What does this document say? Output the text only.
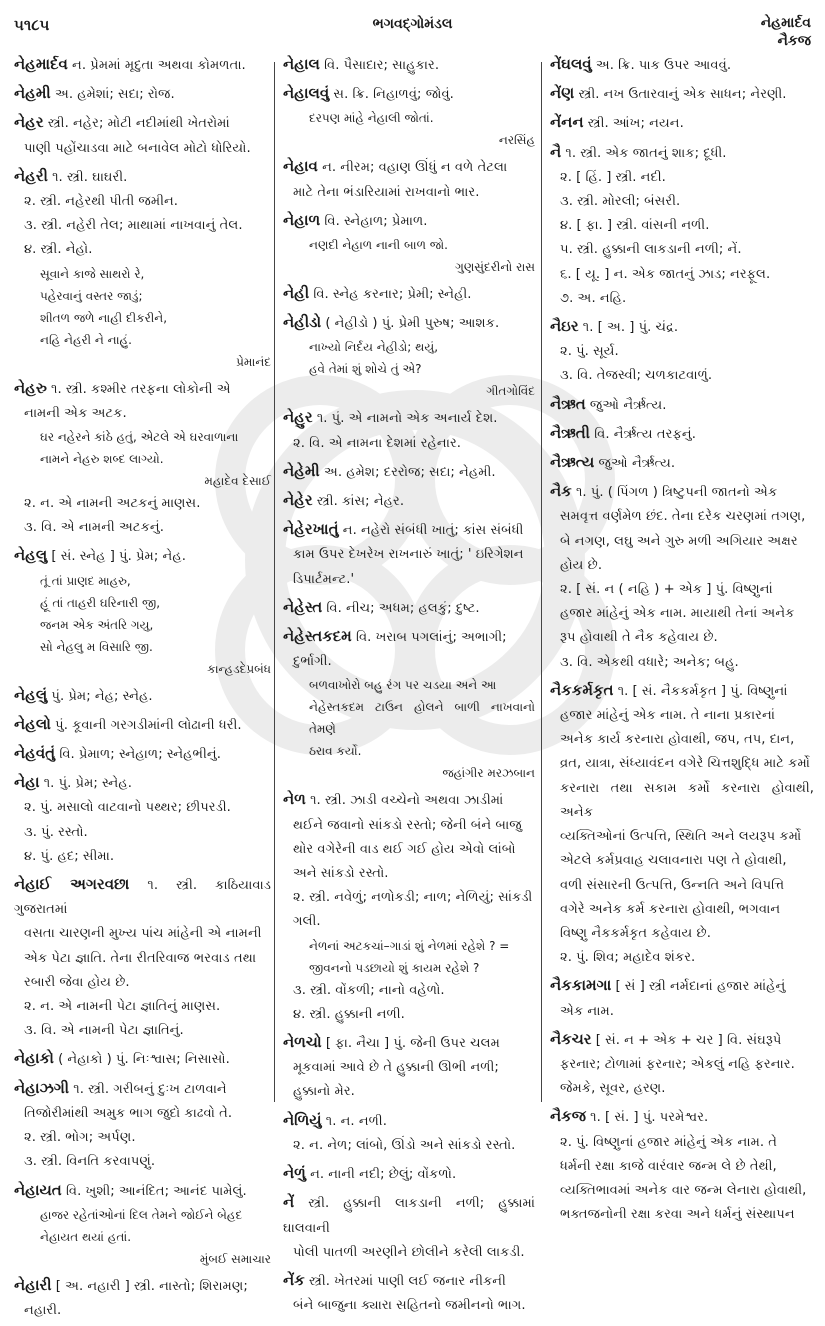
૫૧૮૫	ભગવદ્ગોમંડલ	નેહમાર્દવ
નૈકજ
નેહમાર્દવ ન. પ્રેમમાં મૃદુતા અથવા કોમળતા.
નેહમી અ. હમેશાં; સદા; રોજ.
નેહર સ્ત્રી. નહેર; મોટી નદીમાંથી ખેતરોમાં
પાણી પહોંચાડવા માટે બનાવેલ મોટો ધોરિયો.
નેહરી ૧. સ્ત્રી. ઘાઘરી.
૨. સ્ત્રી. નહેરથી પીતી જમીન.
૩. સ્ત્રી. નહેરી તેલ; માથામાં નાખવાનું તેલ.
૪. સ્ત્રી. નેહો.
સૂવાને કાજે સાથરો રે,
પહેરવાનું વસ્તર જાડું;
શીતળ જળે નાહી દીકરીને,
નહિ નેહરી ને નાહું.
પ્રેમાનંદ
નેહરુ ૧. સ્ત્રી. કશ્મીર તરફના લોકોની એ
નામની એક અટક.
ઘર નહેરને કાંઠે હતું, એટલે એ ઘરવાળાના
નામને નેહરુ શબ્દ લાગ્યો.
મહાદેવ દેસાઈ
૨. ન. એ નામની અટકનું માણસ.
૩. વિ. એ નામની અટકનું.
નેહલુ [ સં. સ્નેહ ] પું. પ્રેમ; નેહ.
તૂં તાં પ્રાણદ માહરુ,
હૂં તાં તાહરી ઘરિનારી જી,
જનમ એક અંતરિ ગયુ,
સો નેહલુ મ વિસારિ જી.
કાન્હડદેપ્રબંધ
નેહલું પું. પ્રેમ; નેહ; સ્નેહ.
નેહલો પું. કૂવાની ગરગડીમાંની લોઢાની ધરી.
નેહવંતું વિ. પ્રેમાળ; સ્નેહાળ; સ્નેહભીનું.
નેહા ૧. પું. પ્રેમ; સ્નેહ.
૨. પું. મસાલો વાટવાનો પથ્થર; છીપરડી.
૩. પું. રસ્તો.
૪. પું. હદ; સીમા.
નેહાઈ અગરવછા ૧. સ્ત્રી. કાઠિયાવાડ ગુજરાતમાં
વસતા ચારણની મુખ્ય પાંચ માંહેની એ નામની
એક પેટા જ્ઞાતિ. તેના રીતરિવાજ ભરવાડ તથા
રબારી જેવા હોય છે.
૨. ન. એ નામની પેટા જ્ઞાતિનું માણસ.
૩. વિ. એ નામની પેટા જ્ઞાતિનું.
નેહાકો ( નેહાકો ) પું. નિઃશ્વાસ; નિસાસો.
નેહાઝગી ૧. સ્ત્રી. ગરીબનું દુઃખ ટાળવાને
તિજોરીમાંથી અમુક ભાગ જુદો કાઢવો તે.
૨. સ્ત્રી. ભોગ; અર્પણ.
૩. સ્ત્રી. વિનતિ કરવાપણું.
નેહાયત વિ. ખુશી; આનંદિત; આનંદ પામેલું.
હાજર રહેતાંઓનાં દિલ તેમને જોઈને બેહદ
નેહાયત થયાં હતાં.
મુંબઈ સમાચાર
નેહારી [ અ. નહારી ] સ્ત્રી. નાસ્તો; શિરામણ;
નહારી.
નેહાલ વિ. પૈસાદાર; સાહુકાર.
નેહાલવું સ. ક્રિ. નિહાળવું; જોવું.
દરપણ માંહે નેહાલી જોતાં.
નરસિંહ
નેહાવ ન. નીરમ; વહાણ ઊંધું ન વળે તેટલા
માટે તેના ભંડારિયામાં રાખવાનો ભાર.
નેહાળ વિ. સ્નેહાળ; પ્રેમાળ.
નણદી નેહાળ નાની બાળ જો.
ગુણસુંદરીનો રાસ
નેહી વિ. સ્નેહ કરનાર; પ્રેમી; સ્નેહી.
નેહીડો ( નેહીડો ) પું. પ્રેમી પુરુષ; આશક.
નાખ્યો નિર્દય નેહીડો; થયું,
હવે તેમાં શું શોચે તું એ?
ગીતગોવિંદ
નેહુર ૧. પું. એ નામનો એક અનાર્ય દેશ.
૨. વિ. એ નામના દેશમાં રહેનાર.
નેહેમી અ. હમેશ; દરરોજ; સદા; નેહમી.
નેહેર સ્ત્રી. કાંસ; નેહર.
નેહેરખાતું ન. નહેરો સંબંધી ખાતું; કાંસ સંબંધી
કામ ઉપર દેખરેખ રાખનારું ખાતું; ' ઇરિગેશન
ડિપાર્ટમન્ટ.'
નેહેસ્ત વિ. નીચ; અધમ; હલકું; દુષ્ટ.
નેહેસ્તકદમ વિ. ખરાબ પગલાંનું; અભાગી;
દુર્ભાગી.
બળવાખોરો બહુ રંગ પર ચડયા અને આ
નેહેસ્તકદમ ટાઉન હોલને બાળી નાખવાનો તેમણે
ઠરાવ કર્યો.
જહાંગીર મરઝબાન
નેળ ૧. સ્ત્રી. ઝાડી વચ્ચેનો અથવા ઝાડીમાં
થઈને જવાનો સાંકડો રસ્તો; જેની બંને બાજુ
થોર વગેરેની વાડ થઈ ગઈ હોય એવો લાંબો
અને સાંકડો રસ્તો.
૨. સ્ત્રી. નવેળું; નળોકડી; નાળ; નેળિયું; સાંકડી
ગલી.
નેળનાં અટકચાં–ગાડાં શું નેળમાં રહેશે ? =
જીવનનો પડછાયો શું કાયમ રહેશે ?
૩. સ્ત્રી. વોંકળી; નાનો વહેળો.
૪. સ્ત્રી. હુક્કાની નળી.
નેળચો [ ફા. નૈચા ] પું. જેની ઉપર ચલમ
મૂકવામાં આવે છે તે હુક્કાની ઊભી નળી;
હુક્કાનો મેર.
નેળિયું ૧. ન. નળી.
૨. ન. નેળ; લાંબો, ઊંડો અને સાંકડો રસ્તો.
નેળું ન. નાની નદી; છેલું; વોંકળો.
નેં સ્ત્રી. હુક્કાની લાકડાની નળી; હુક્કામાં ઘાલવાની
પોલી પાતળી અરણીને છોલીને કરેલી લાકડી.
નેંક સ્ત્રી. ખેતરમાં પાણી લઈ જનાર નીકની
બંને બાજુના ક્યારા સહિતનો જમીનનો ભાગ.
નેંઘલવું અ. ક્રિ. પાક ઉપર આવવું.
નેંણ સ્ત્રી. નખ ઉતારવાનું એક સાધન; નેરણી.
નેંનન સ્ત્રી. આંખ; નયન.
નૈ ૧. સ્ત્રી. એક જાતનું શાક; દૂધી.
૨. [ હિં. ] સ્ત્રી. નદી.
૩. સ્ત્રી. મોરલી; બંસરી.
૪. [ ફા. ] સ્ત્રી. વાંસની નળી.
૫. સ્ત્રી. હુક્કાની લાકડાની નળી; નેં.
૬. [ યૂ. ] ન. એક જાતનું ઝાડ; નરફૂલ.
૭. અ. નહિ.
નૈઇર ૧. [ અ. ] પું. ચંદ્ર.
૨. પું. સૂર્ય.
૩. વિ. તેજસ્વી; ચળકાટવાળું.
નૈઋત જુઓ નૈર્ઋત્ય.
નૈઋતી વિ. નૈર્ઋત્ય તરફનું.
નૈઋત્ય જુઓ નૈર્ઋત્ય.
નૈક ૧. પું. ( પિંગળ ) ત્રિષ્ટુપની જાતનો એક
સમવૃત્ત વર્ણમેળ છંદ. તેના દરેક ચરણમાં તગણ,
બે નગણ, લઘુ અને ગુરુ મળી અગિયાર અક્ષર
હોય છે.
૨. [ સં. ન ( નહિ ) + એક ] પું. વિષ્ણુનાં
હજાર માંહેનું એક નામ. માયાથી તેનાં અનેક
રૂપ હોવાથી તે નૈક કહેવાય છે.
૩. વિ. એકથી વધારે; અનેક; બહુ.
નૈકકર્મકૃત ૧. [ સં. નૈકકર્મકૃત ] પું. વિષ્ણુનાં
હજાર માંહેનું એક નામ. તે નાના પ્રકારનાં
અનેક કાર્ય કરનારા હોવાથી, જપ, તપ, દાન,
વ્રત, યાત્રા, સંધ્યાવંદન વગેરે ચિત્તશુદ્ધિ માટે કર્મો
કરનારા તથા સકામ કર્મો કરનારા હોવાથી, અનેક
વ્યક્તિઓનાં ઉત્પત્તિ, સ્થિતિ અને લયરૂપ કર્મો
એટલે કર્મપ્રવાહ ચલાવનારા પણ તે હોવાથી,
વળી સંસારની ઉત્પત્તિ, ઉન્નતિ અને વિપત્તિ
વગેરે અનેક કર્મ કરનારા હોવાથી, ભગવાન
વિષ્ણુ નૈકકર્મકૃત કહેવાય છે.
૨. પું. શિવ; મહાદેવ શંકર.
નૈકકામગા [ સં ] સ્ત્રી નર્મદાનાં હજાર માંહેનું
એક નામ.
નૈકચર [ સં. ન + એક + ચર ] વિ. સંઘરૂપે
ફરનાર; ટોળામાં ફરનાર; એકલું નહિ ફરનાર.
જેમકે, સૂવર, હરણ.
નૈકજ ૧. [ સં. ] પું. પરમેશ્વર.
૨. પું. વિષ્ણુનાં હજાર માંહેનું એક નામ. તે
ધર્મની રક્ષા કાજે વારંવાર જન્મ લે છે તેથી,
વ્યક્તિભાવમાં અનેક વાર જન્મ લેનારા હોવાથી,
ભક્તજનોની રક્ષા કરવા અને ધર્મનું સંસ્થાપન
